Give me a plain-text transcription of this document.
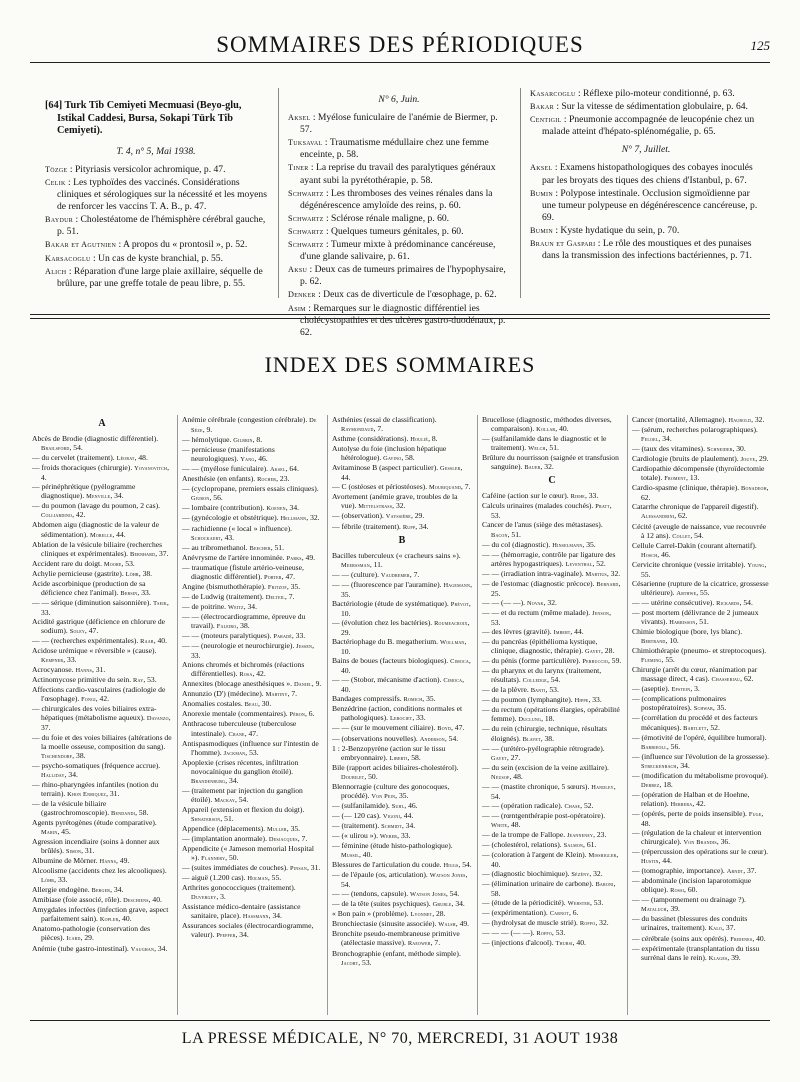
SOMMAIRES DES PÉRIODIQUES	125

[64] Turk Tib Cemiyeti Mecmuasi (Beyo-glu, Istikal Caddesi, Bursa, Sokapi Türk Tib Cemiyeti).

T. 4, n° 5, Mai 1938.

Tözge : Pityriasis versicolor achromique, p. 47.

Celik : Les typhoïdes des vaccinés. Considérations cliniques et sérologiques sur la nécessité et les moyens de renforcer les vaccins T. A. B., p. 47.

Baydur : Cholestéatome de l'hémisphère cérébral gauche, p. 51.

Bakar et Agutnien : A propos du « prontosil », p. 52.

Karsacoglu : Un cas de kyste branchial, p. 55.

Alich : Réparation d'une large plaie axillaire, séquelle de brûlure, par une greffe totale de peau libre, p. 55.

N° 6, Juin.

Aksel : Myélose funiculaire de l'anémie de Biermer, p. 57.

Tuksaval : Traumatisme médullaire chez une femme enceinte, p. 58.

Tiner : La reprise du travail des paralytiques généraux ayant subi la pyrétothérapie, p. 58.

Schwartz : Les thromboses des veines rénales dans la dégénérescence amyloïde des reins, p. 60.

Schwartz : Sclérose rénale maligne, p. 60.

Schwartz : Quelques tumeurs génitales, p. 60.

Schwartz : Tumeur mixte à prédominance cancéreuse, d'une glande salivaire, p. 61.

Aksu : Deux cas de tumeurs primaires de l'hypophysaire, p. 62.

Denker : Deux cas de diverticule de l'œsophage, p. 62.

Asim : Remarques sur le diagnostic différentiel ies cholécystopathies et des ulcères gastro-duodénaux, p. 62.

Kasarcoglu : Réflexe pilo-moteur conditionné, p. 63.

Bakar : Sur la vitesse de sédimentation globulaire, p. 64.

Centigil : Pneumonie accompagnée de leucopénie chez un malade atteint d'hépato-splénomégalie, p. 65.

N° 7, Juillet.

Aksel : Examens histopathologiques des cobayes inoculés par les broyats des tiques des chiens d'Istanbul, p. 67.

Bumin : Polypose intestinale. Occlusion sigmoïdienne par une tumeur polypeuse en dégénérescence cancéreuse, p. 69.

Bumin : Kyste hydatique du sein, p. 70.

Braun et Gaspari : Le rôle des moustiques et des punaises dans la transmission des infections bactériennes, p. 71.

INDEX DES SOMMAIRES

A

Abcès de Brodie (diagnostic différentiel). Brailsford, 54.

— du cervelet (traitement). Léorat, 48.

— froids thoraciques (chirurgie). Yovanovitch, 4.

— périnéphrétique (pyélogramme diagnostique). Menville, 34.

— du poumon (lavage du poumon, 2 cas). Colliardino, 42.

Abdomen aigu (diagnostic de la valeur de sédimentation). Morelle, 44.

Ablation de la vésicule biliaire (recherches cliniques et expérimentales). Bernhard, 37.

Accident rare du doigt. Moore, 53.

Achylie pernicieuse (gastrite). Löhr, 38.

Acide ascorbinique (production de sa déficience chez l'animal). Bersin, 33.

— — sérique (diminution saisonnière). Tseik, 33.

Acidité gastrique (déficience en chlorure de sodium). Soley, 47.

— — (recherches expérimentales). Raab, 40.

Acidose urémique « réversible » (cause). Kempner, 33.

Acrocyanose. Hanns, 31.

Actinomycose primitive du sein. Ray, 53.

Affections cardio-vasculaires (radiologie de l'œsophage). Fongi, 42.

— chirurgicales des voies biliaires extra-hépatiques (métabolisme aqueux). Davanzo, 37.

— du foie et des voies biliaires (altérations de la moelle osseuse, composition du sang). Tischendorf, 38.

— psycho-somatiques (fréquence accrue). Halliday, 34.

— rhino-pharyngées infantiles (notion du terrain). Khon Enriquez, 31.

— de la vésicule biliaire (gastrochromoscopie). Bendandi, 58.

Agents pyrétogènes (étude comparative). Marin, 45.

Agression incendiaire (soins à donner aux brûlés). Simon, 31.

Albumine de Mörner. Hanns, 49.

Alcoolisme (accidents chez les alcooliques). Löhr, 33.

Allergie endogène. Berger, 34.

Amibiase (foie associé, rôle). Deschiens, 40.

Amygdales infectées (infection grave, aspect parfaitement sain). Kopler, 40.

Anatomo-pathologie (conservation des pièces). Icard, 29.

Anémie (tube gastro-intestinal). Vaughan, 34.

Anémie cérébrale (congestion cérébrale). De Sèze, 9.

— hémolytique. Gilbrin, 8.

— pernicieuse (manifestations neurologiques). Yang, 46.

— — (myélose funiculaire). Aksel, 64.

Anesthésie (en enfants). Rocher, 23.

— (cyclopropane, premiers essais cliniques). Giuron, 56.

— lombaire (contribution). Koenen, 34.

— (gynécologie et obstétrique). Hellmann, 32.

— rachidienne (« local » influence). Schockaert, 43.

— au tribromethanol. Beecher, 51.

Anévrysme de l'artère innominée. Parks, 49.

— traumatique (fistule artério-veineuse, diagnostic différentiel). Porter, 47.

Angine (bismuthothérapie). Fritzof, 35.

— de Ludwig (traitement). Delteil, 7.

— de poitrine. Weitz, 34.

— — (électrocardiogramme, épreuve du travail). Faleiro, 38.

— — (moteurs paralytiques). Paradé, 33.

— — (neurologie et neurochirurgie). Jessen, 33.

Anions chromés et bichromés (réactions différentielles). Rosa, 42.

Annexites (blocage anesthésiques ». Daniel, 9.

Annunzio (D') (médecine). Martiny, 7.

Anomalies costales. Beau, 30.

Anorexie mentale (commentaires). Péron, 6.

Anthracose tuberculeuse (tuberculose intestinale). Crane, 47.

Antispasmodiques (influence sur l'intestin de l'homme). Jackman, 53.

Apoplexie (crises récentes, infiltration novocaïnique du ganglion étoilé). Brandenburg, 34.

— (traitement par injection du ganglion étoilé). Mackay, 54.

Appareil (extension et flexion du doigt). Shnaterson, 51.

Appendice (déplacements). Muller, 35.

— (implantation anormale). Desjacques, 7.

Appendicite (« Jameson memorial Hospital »). Flannery, 50.

— (suites immédiates de couches). Pinsan, 31.

— aiguë (1.200 cas). Holman, 55.

Arthrites gonococciques (traitement). Duvergey, 3.

Assistance médico-dentaire (assistance sanitaire, place). Hassmann, 34.

Assurances sociales (électrocardiogramme, valeur). Pfeffer, 34.

Asthénies (essai de classification). Raymondaud, 7.

Asthme (considérations). Houlié, 8.

Autolyse du foie (inclusion hépatique hétérologue). Gavino, 58.

Avitaminose B (aspect particulier). Gessler, 44.

— C (ostéoses et périostéoses). Mouriquand, 7.

Avortement (anémie grave, troubles de la vue). Mittelstrass, 32.

— (observation). Vayssière, 29.

— fébrile (traitement). Rupp, 34.

B

Bacilles tuberculeux (« cracheurs sains »). Meerssman, 11.

— — (culture). Vaudremer, 7.

— — (fluorescence par l'auramine). Hagemann, 35.

Bactériologie (étude de systématique). Prévot, 10.

— (évolution chez les bactéries). Roumeacroix, 29.

Bactériophage du B. megatherium. Wollman, 10.

Bains de boues (facteurs biologiques). Cimoca, 40.

— — (Stobor, mécanisme d'action). Cimoca, 40.

Bandages compressifs. Romich, 35.

Benzédrine (action, conditions normales et pathologiques). Lerociet, 33.

— — (sur le mouvement ciliaire). Boyd, 47.

— (observations nouvelles). Anderson, 54.

1 : 2-Benzopyrène (action sur le tissu embryonnaire). Liberti, 58.

Bile (rapport acides biliaires-cholestérol). Doubilet, 50.

Blennorragie (culture des gonocoques, procédé). Von Pein, 35.

— (sulfanilamide). Suhl, 46.

— (— 120 cas). Vigoni, 44.

— (traitement). Schmidt, 34.

— (« ulirou »). Weber, 33.

— féminine (étude histo-pathologique). Mussil, 40.

Blessures de l'articulation du coude. Higgs, 54.

— de l'épaule (os, articulation). Watson Jones, 54.

— — (tendons, capsule). Watson Jones, 54.

— de la tête (suites psychiques). Gruble, 34.

« Bon pain » (problème). Lyonnet, 28.

Bronchiectasie (sinusite associée). Walsh, 49.

Bronchite pseudo-membraneuse primitive (atélectasie massive). Raeower, 7.

Bronchographie (enfant, méthode simple). Jacobt, 53.

Brucellose (diagnostic, méthodes diverses, comparaison). Kollar, 40.

— (sulfanilamide dans le diagnostic et le traitement). Welch, 51.

Brûlure du nourrisson (saignée et transfusion sanguine). Bauer, 32.

C

Caféine (action sur le cœur). Riehe, 33.

Calculs urinaires (malades couchés). Pratt, 53.

Cancer de l'anus (siège des métastases). Bacon, 51.

— du col (diagnostic). Hinselmann, 35.

— — (hémorragie, contrôle par ligature des artères hypogastriques). Leventhal, 52.

— — (irradiation intra-vaginale). Martius, 32.

— de l'estomac (diagnostic précoce). Bernard, 25.

— — (— —). Novak, 32.

— — et du rectum (même malade). Jenson, 53.

— des lèvres (gravité). Imbert, 44.

— du pancréas (épithélioma kystique, clinique, diagnostic, thérapie). Gayet, 28.

— du pénis (forme particulière). Perruccio, 59.

— du pharynx et du larynx (traitement, résultats). Colledge, 54.

— de la plèvre. Banti, 53.

— du poumon (lymphangite). Hippe, 33.

— du rectum (opérations élargies, opérabilité femme). Duclung, 18.

— du rein (chirurgie, technique, résultats éloignés). Blavet, 38.

— — (urétéro-pyélographie rétrograde). Gayet, 27.

— du sein (excision de la veine axillaire). Neusof, 48.

— — (mastite chronique, 5 sœurs). Handley, 54.

— — (opération radicale). Chase, 52.

— — (rœntgenthérapie post-opératoire). White, 48.

— de la trompe de Fallope. Jeanneney, 23.

— (cholestérol, relations). Salmon, 61.

— (coloration à l'argent de Klein). Missrigler, 40.

— (diagnostic biochimique). Sézény, 32.

— (élimination urinaire de carbone). Baroni, 58.

— (étude de la périodicité). Webster, 53.

— (expérimentation). Carnot, 6.

— (hydrolysat de muscle strié). Roffo, 32.

— — — (— —). Roffo, 53.

— (injections d'alcool). Thursi, 40.

Cancer (mortalité, Allemagne). Haubold, 32.

— (sérum, recherches polarographiques). Feloel, 34.

— (taux des vitamines). Schneider, 30.

Cardiologie (bruits de plaulement). Jouve, 29.

Cardiopathie décompensée (thyroïdectomie totale). Froment, 13.

Cardio-spasme (clinique, thérapie). Bonadeoh, 62.

Catarrhe chronique de l'appareil digestif). Alessandrini, 62.

Cécité (aveugle de naissance, vue recouvrée à 12 ans). Collet, 54.

Cellule Carrel-Dakin (courant alternatif). Hosch, 46.

Cervicite chronique (vessie irritable). Young, 55.

Césarienne (rupture de la cicatrice, grossesse ultérieure). Arthwe, 55.

— — utérine consécutive). Rickards, 54.

— post mortem (délivrance de 2 jumeaux vivants). Harrisson, 51.

Chimie biologique (bore, lys blanc). Bertrand, 10.

Chimiothérapie (pneumo- et streptocoques). Fleming, 55.

Chirurgie (arrêt du cœur, réanimation par massage direct, 4 cas). Chasseriau, 62.

— (aseptie). Epstein, 3.

— (complications pulmonaires postopératoires). Schwab, 35.

— (corrélation du procédé et des facteurs mécaniques). Bartlett, 52.

— (émotivité de l'opéré, équilibre humoral). Barbieoll, 56.

— (influence sur l'évolution de la grossesse). Streckenbach, 34.

— (modification du métabolisme provoqué). Debrez, 18.

— (opération de Halban et de Hoehne, relation). Herrera, 42.

— (opérés, perte de poids insensible). Fuge, 48.

— (régulation de la chaleur et intervention chirurgicale). Von Brandis, 36.

— (répercussion des opérations sur le cœur). Hustin, 44.

— (tomographie, importance). Arndt, 37.

— abdominale (incision laparotomique oblique). Rossi, 60.

— — (tamponnement ou drainage ?). Mataluch, 39.

— du bassinet (blessures des conduits urinaires, traitement). Kalo, 37.

— cérébrale (soins aux opérés). Fridenes, 40.

— expérimentale (transplantation du tissu surrénal dans le rein). Klages, 39.

LA PRESSE MÉDICALE, N° 70, MERCREDI, 31 AOUT 1938
